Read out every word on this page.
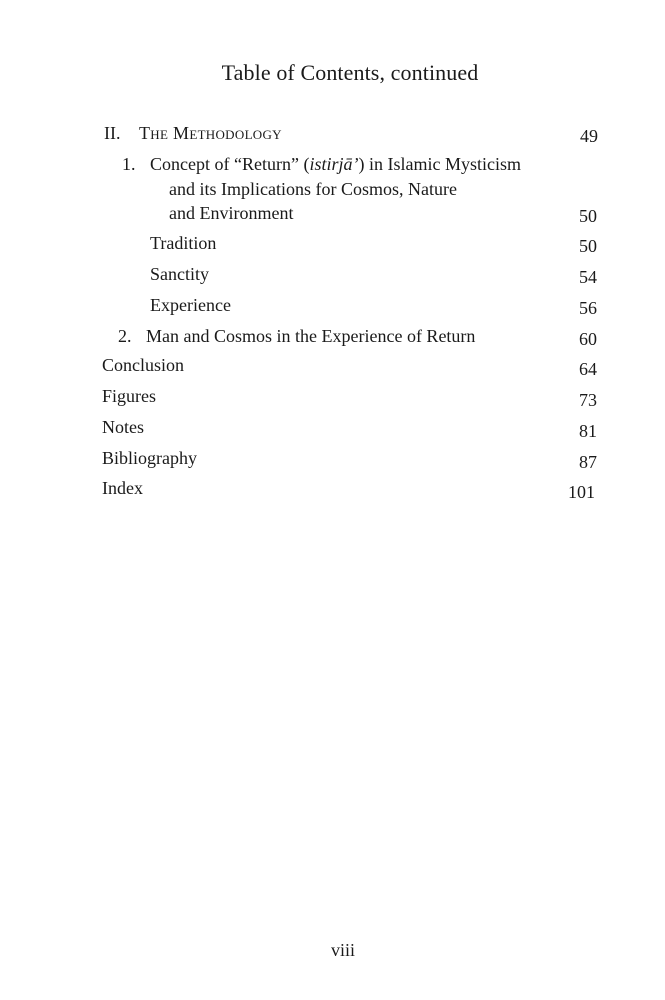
Table of Contents, continued
II. The Methodology	49
1. Concept of “Return” (istirjā’) in Islamic Mysticism
and its Implications for Cosmos, Nature
and Environment	50
Tradition	50
Sanctity	54
Experience	56
2. Man and Cosmos in the Experience of Return	60
Conclusion	64
Figures	73
Notes	81
Bibliography	87
Index	101
viii
